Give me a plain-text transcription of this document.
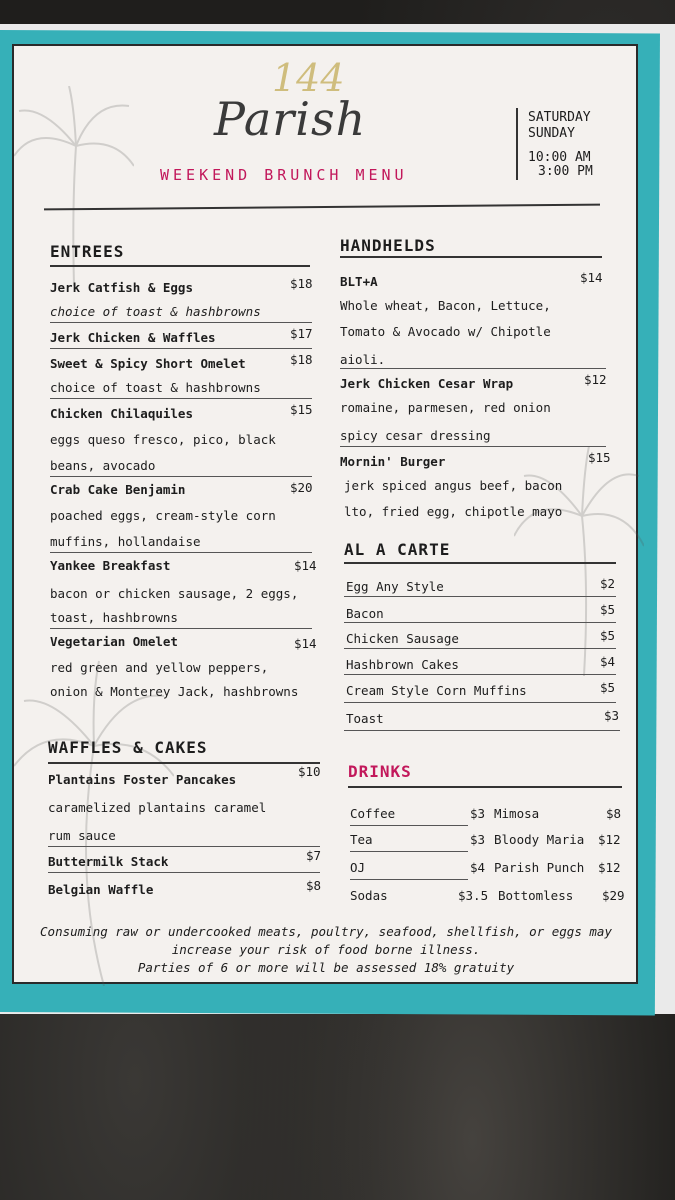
144
Parish
WEEKEND BRUNCH MENU
SATURDAY
SUNDAY
10:00 AM
3:00 PM
ENTREES
Jerk Catfish & Eggs	$18
choice of toast & hashbrowns
Jerk Chicken & Waffles	$17
Sweet & Spicy Short Omelet	$18
choice of toast & hashbrowns
Chicken Chilaquiles	$15
eggs queso fresco, pico, black
beans, avocado
Crab Cake Benjamin	$20
poached eggs, cream-style corn
muffins, hollandaise
Yankee Breakfast	$14
bacon or chicken sausage, 2 eggs,
toast, hashbrowns
Vegetarian Omelet	$14
red green and yellow peppers,
onion & Monterey Jack, hashbrowns
WAFFLES & CAKES
Plantains Foster Pancakes
$10
caramelized plantains caramel
rum sauce
Buttermilk Stack	$7
Belgian Waffle	$8
HANDHELDS
BLT+A	$14
Whole wheat, Bacon, Lettuce,
Tomato & Avocado w/ Chipotle
aioli.
Jerk Chicken Cesar Wrap	$12
romaine, parmesen, red onion
spicy cesar dressing
Mornin' Burger	$15
jerk spiced angus beef, bacon
lto, fried egg, chipotle mayo
AL A CARTE
Egg Any Style	$2
Bacon	$5
Chicken Sausage	$5
Hashbrown Cakes	$4
Cream Style Corn Muffins	$5
Toast	$3
DRINKS
Coffee	$3 Mimosa	$8
Tea	$3 Bloody Maria $12
OJ	$4 Parish Punch $12
Sodas	$3.5 Bottomless $29
Consuming raw or undercooked meats, poultry, seafood, shellfish, or eggs may
increase your risk of food borne illness.
Parties of 6 or more will be assessed 18% gratuity
